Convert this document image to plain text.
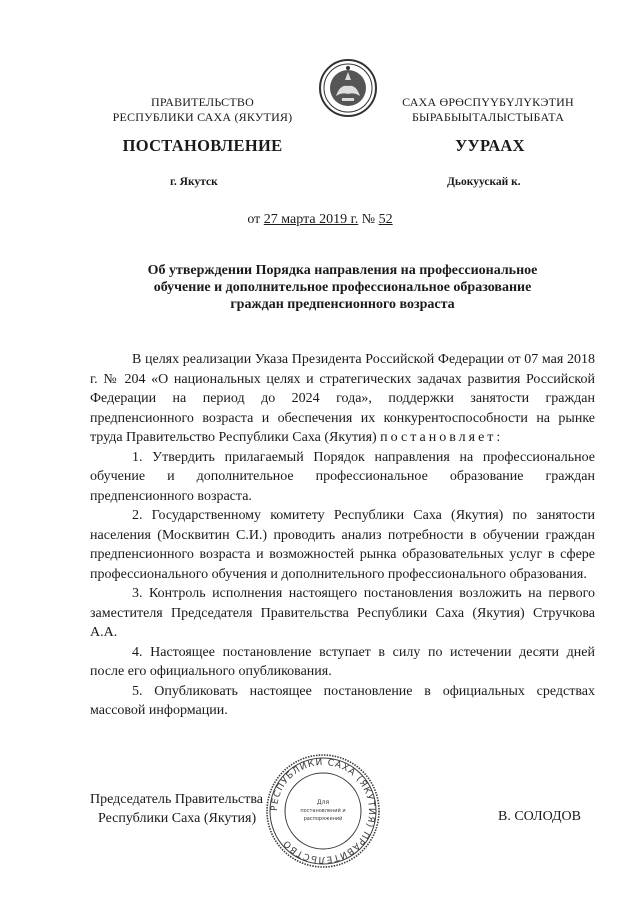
ПРАВИТЕЛЬСТВО
РЕСПУБЛИКИ САХА (ЯКУТИЯ)
САХА ӨРӨСПҮҮБҮЛҮКЭТИН
БЫРАБЫЫТАЛЫСТЫБАТА
ПОСТАНОВЛЕНИЕ	УУРААХ
г. Якутск	Дьокуускай к.
от 27 марта 2019 г. № 52
Об утверждении Порядка направления на профессиональное
обучение и дополнительное профессиональное образование
граждан предпенсионного возраста

В целях реализации Указа Президента Российской Федерации от 07 мая 2018 г. № 204 «О национальных целях и стратегических задачах развития Российской Федерации на период до 2024 года», поддержки занятости граждан предпенсионного возраста и обеспечения их конкурентоспособности на рынке труда Правительство Республики Саха (Якутия) постановляет:

1. Утвердить прилагаемый Порядок направления на профессиональное обучение и дополнительное профессиональное образование граждан предпенсионного возраста.

2. Государственному комитету Республики Саха (Якутия) по занятости населения (Москвитин С.И.) проводить анализ потребности в обучении граждан предпенсионного возраста и возможностей рынка образовательных услуг в сфере профессионального обучения и дополнительного профессионального образования.

3. Контроль исполнения настоящего постановления возложить на первого заместителя Председателя Правительства Республики Саха (Якутия) Стручкова А.А.

4. Настоящее постановление вступает в силу по истечении десяти дней после его официального опубликования.

5. Опубликовать настоящее постановление в официальных средствах массовой информации.

Председатель Правительства
Республики Саха (Якутия)
РЕСПУБЛИКИ САХА (ЯКУТИЯ) ПРАВИТЕЛЬСТВО
Для
постановлений и
распоряжений	В. СОЛОДОВ
